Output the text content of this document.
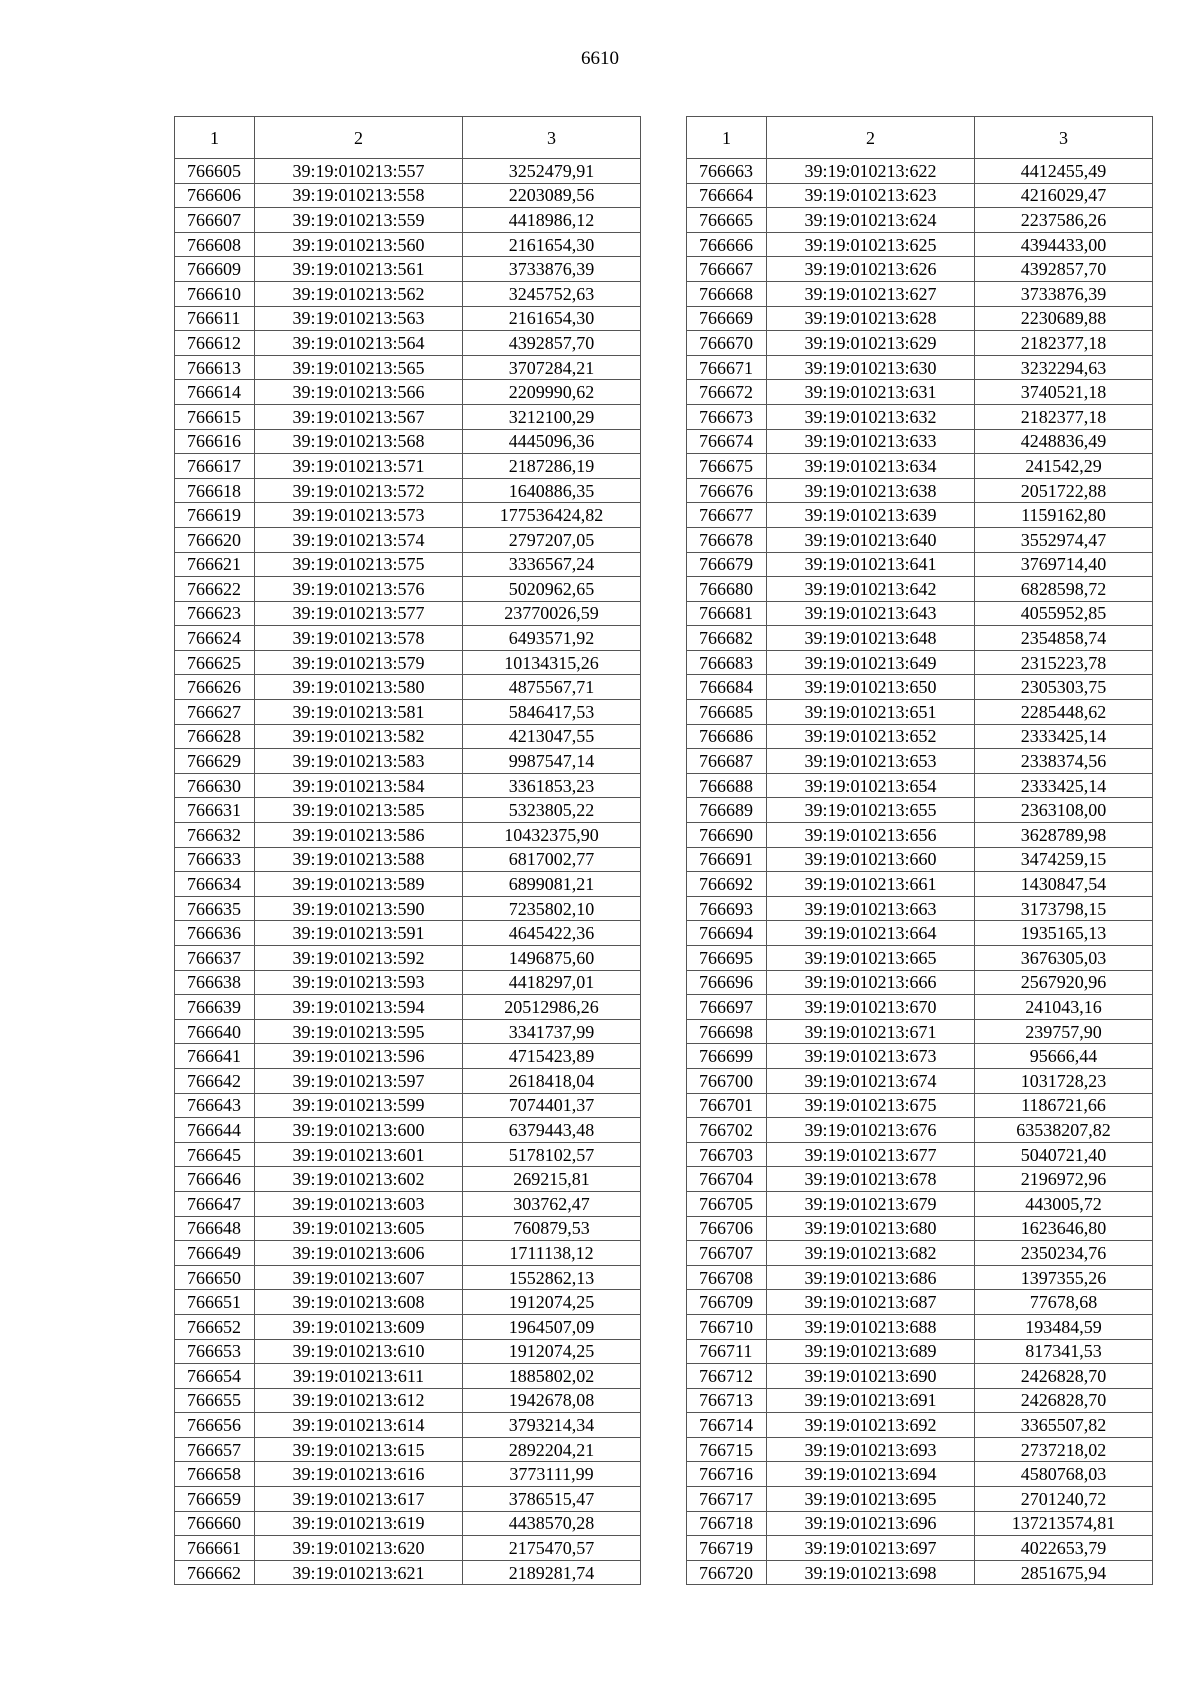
6610
1	2	3
766605	39:19:010213:557	3252479,91
766606	39:19:010213:558	2203089,56
766607	39:19:010213:559	4418986,12
766608	39:19:010213:560	2161654,30
766609	39:19:010213:561	3733876,39
766610	39:19:010213:562	3245752,63
766611	39:19:010213:563	2161654,30
766612	39:19:010213:564	4392857,70
766613	39:19:010213:565	3707284,21
766614	39:19:010213:566	2209990,62
766615	39:19:010213:567	3212100,29
766616	39:19:010213:568	4445096,36
766617	39:19:010213:571	2187286,19
766618	39:19:010213:572	1640886,35
766619	39:19:010213:573	177536424,82
766620	39:19:010213:574	2797207,05
766621	39:19:010213:575	3336567,24
766622	39:19:010213:576	5020962,65
766623	39:19:010213:577	23770026,59
766624	39:19:010213:578	6493571,92
766625	39:19:010213:579	10134315,26
766626	39:19:010213:580	4875567,71
766627	39:19:010213:581	5846417,53
766628	39:19:010213:582	4213047,55
766629	39:19:010213:583	9987547,14
766630	39:19:010213:584	3361853,23
766631	39:19:010213:585	5323805,22
766632	39:19:010213:586	10432375,90
766633	39:19:010213:588	6817002,77
766634	39:19:010213:589	6899081,21
766635	39:19:010213:590	7235802,10
766636	39:19:010213:591	4645422,36
766637	39:19:010213:592	1496875,60
766638	39:19:010213:593	4418297,01
766639	39:19:010213:594	20512986,26
766640	39:19:010213:595	3341737,99
766641	39:19:010213:596	4715423,89
766642	39:19:010213:597	2618418,04
766643	39:19:010213:599	7074401,37
766644	39:19:010213:600	6379443,48
766645	39:19:010213:601	5178102,57
766646	39:19:010213:602	269215,81
766647	39:19:010213:603	303762,47
766648	39:19:010213:605	760879,53
766649	39:19:010213:606	1711138,12
766650	39:19:010213:607	1552862,13
766651	39:19:010213:608	1912074,25
766652	39:19:010213:609	1964507,09
766653	39:19:010213:610	1912074,25
766654	39:19:010213:611	1885802,02
766655	39:19:010213:612	1942678,08
766656	39:19:010213:614	3793214,34
766657	39:19:010213:615	2892204,21
766658	39:19:010213:616	3773111,99
766659	39:19:010213:617	3786515,47
766660	39:19:010213:619	4438570,28
766661	39:19:010213:620	2175470,57
766662	39:19:010213:621	2189281,74
1	2	3
766663	39:19:010213:622	4412455,49
766664	39:19:010213:623	4216029,47
766665	39:19:010213:624	2237586,26
766666	39:19:010213:625	4394433,00
766667	39:19:010213:626	4392857,70
766668	39:19:010213:627	3733876,39
766669	39:19:010213:628	2230689,88
766670	39:19:010213:629	2182377,18
766671	39:19:010213:630	3232294,63
766672	39:19:010213:631	3740521,18
766673	39:19:010213:632	2182377,18
766674	39:19:010213:633	4248836,49
766675	39:19:010213:634	241542,29
766676	39:19:010213:638	2051722,88
766677	39:19:010213:639	1159162,80
766678	39:19:010213:640	3552974,47
766679	39:19:010213:641	3769714,40
766680	39:19:010213:642	6828598,72
766681	39:19:010213:643	4055952,85
766682	39:19:010213:648	2354858,74
766683	39:19:010213:649	2315223,78
766684	39:19:010213:650	2305303,75
766685	39:19:010213:651	2285448,62
766686	39:19:010213:652	2333425,14
766687	39:19:010213:653	2338374,56
766688	39:19:010213:654	2333425,14
766689	39:19:010213:655	2363108,00
766690	39:19:010213:656	3628789,98
766691	39:19:010213:660	3474259,15
766692	39:19:010213:661	1430847,54
766693	39:19:010213:663	3173798,15
766694	39:19:010213:664	1935165,13
766695	39:19:010213:665	3676305,03
766696	39:19:010213:666	2567920,96
766697	39:19:010213:670	241043,16
766698	39:19:010213:671	239757,90
766699	39:19:010213:673	95666,44
766700	39:19:010213:674	1031728,23
766701	39:19:010213:675	1186721,66
766702	39:19:010213:676	63538207,82
766703	39:19:010213:677	5040721,40
766704	39:19:010213:678	2196972,96
766705	39:19:010213:679	443005,72
766706	39:19:010213:680	1623646,80
766707	39:19:010213:682	2350234,76
766708	39:19:010213:686	1397355,26
766709	39:19:010213:687	77678,68
766710	39:19:010213:688	193484,59
766711	39:19:010213:689	817341,53
766712	39:19:010213:690	2426828,70
766713	39:19:010213:691	2426828,70
766714	39:19:010213:692	3365507,82
766715	39:19:010213:693	2737218,02
766716	39:19:010213:694	4580768,03
766717	39:19:010213:695	2701240,72
766718	39:19:010213:696	137213574,81
766719	39:19:010213:697	4022653,79
766720	39:19:010213:698	2851675,94
